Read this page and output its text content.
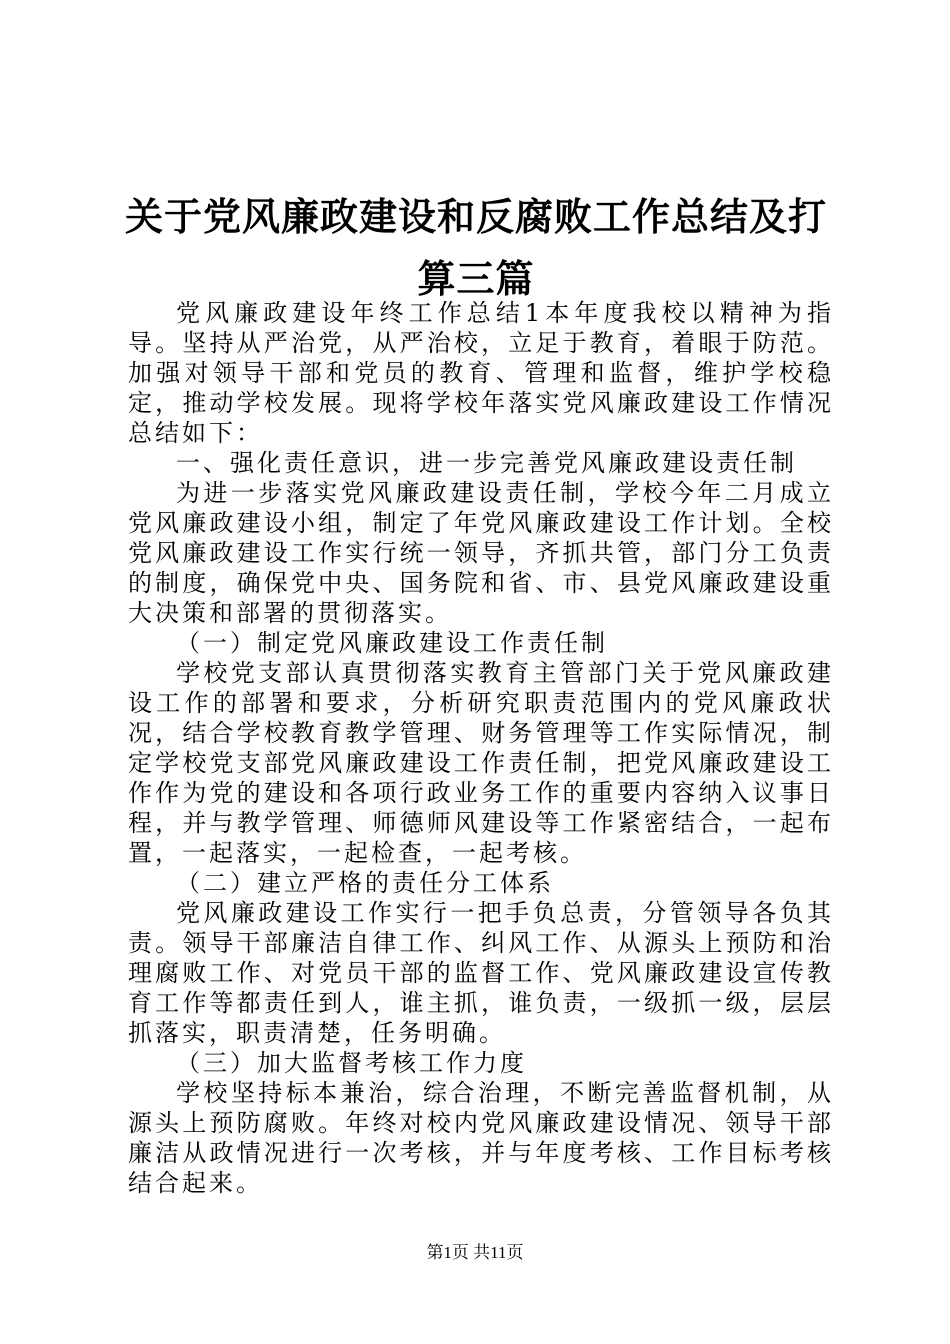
关于党风廉政建设和反腐败工作总结及打算三篇

党风廉政建设年终工作总结1本年度我校以精神为指导。坚持从严治党，从严治校，立足于教育，着眼于防范。加强对领导干部和党员的教育、管理和监督，维护学校稳定，推动学校发展。现将学校年落实党风廉政建设工作情况总结如下：

一、强化责任意识，进一步完善党风廉政建设责任制

为进一步落实党风廉政建设责任制，学校今年二月成立党风廉政建设小组，制定了年党风廉政建设工作计划。全校党风廉政建设工作实行统一领导，齐抓共管，部门分工负责的制度，确保党中央、国务院和省、市、县党风廉政建设重大决策和部署的贯彻落实。

（一）制定党风廉政建设工作责任制

学校党支部认真贯彻落实教育主管部门关于党风廉政建设工作的部署和要求，分析研究职责范围内的党风廉政状况，结合学校教育教学管理、财务管理等工作实际情况，制定学校党支部党风廉政建设工作责任制，把党风廉政建设工作作为党的建设和各项行政业务工作的重要内容纳入议事日程，并与教学管理、师德师风建设等工作紧密结合，一起布置，一起落实，一起检查，一起考核。

（二）建立严格的责任分工体系

党风廉政建设工作实行一把手负总责，分管领导各负其责。领导干部廉洁自律工作、纠风工作、从源头上预防和治理腐败工作、对党员干部的监督工作、党风廉政建设宣传教育工作等都责任到人，谁主抓，谁负责，一级抓一级，层层抓落实，职责清楚，任务明确。

（三）加大监督考核工作力度

学校坚持标本兼治，综合治理，不断完善监督机制，从源头上预防腐败。年终对校内党风廉政建设情况、领导干部廉洁从政情况进行一次考核，并与年度考核、工作目标考核结合起来。

第1页 共11页
